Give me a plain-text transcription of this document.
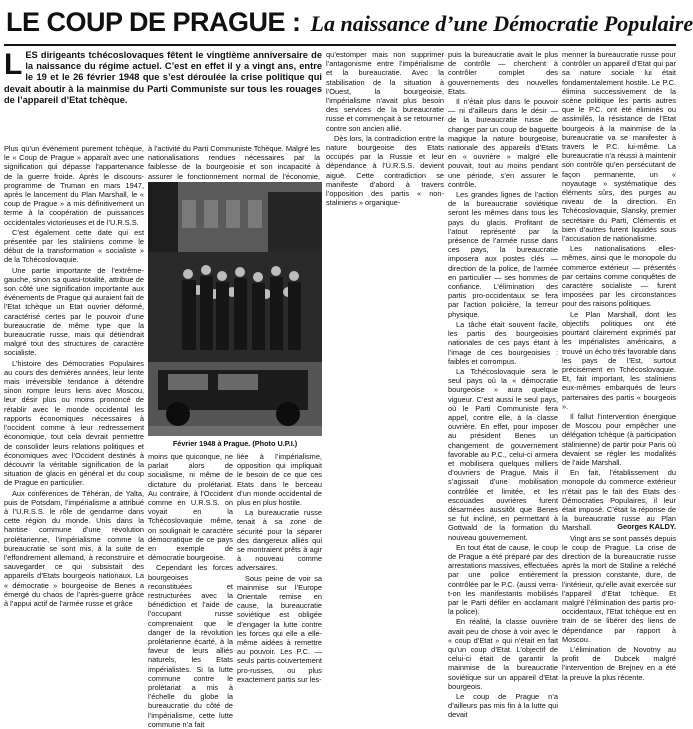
LE COUP DE PRAGUE : La naissance d’une Démocratie Populaire
LES dirigeants tchécoslovaques fêtent le vingtième anniversaire de la naissance du régime actuel. C’est en effet il y a vingt ans, entre le 19 et le 26 février 1948 que s’est déroulée la crise politique qui devait aboutir à la mainmise du Parti Communiste sur tous les rouages de l’appareil d’Etat tchèque.

Plus qu’un événement purement tchèque, le « Coup de Prague » apparaît avec une signification qui dépasse l’appartenance de la guerre froide. Après le discours-programme de Truman en mars 1947, après le lancement du Plan Marshall, le « coup de Prague » a mis définitivement un terme à la coopération de puissances occidentales victorieuses et de l’U.R.S.S.

C’est également cette date qui est présentée par les staliniens comme le début de la transformation « socialiste » de la Tchécoslovaquie.

Une partie importante de l’extrême-gauche, sinon sa quasi-totalité, attribue de son côté une signification importante aux événements de Prague qui auraient fait de l’Etat tchèque un Etat ouvrier déformé, caractérisé certes par le pouvoir d’une bureaucratie de même type que la bureaucratie russe, mais qui détiendrait malgré tout des structures de caractère socialiste.

L’histoire des Démocraties Populaires au cours des dernières années, leur lente mais irréversible tendance à détendre sinon rompre leurs liens avec Moscou, leur désir plus ou moins prononcé de rétablir avec le monde occidental les rapports économiques nécessaires à l’occident comme à leur redressement économique, tout cela devrait permettre de consolider leurs relations politiques et économiques avec l’Occident destinés à découvrir la véritable signification de la situation de glacis en général et du coup de Prague en particulier.

Aux conférences de Téhéran, de Yalta, puis de Potsdam, l’impérialisme a attribué à l’U.R.S.S. le rôle de gendarme dans cette région du monde. Unis dans la hantise commune d’une révolution prolétarienne, l’impérialisme comme la bureaucratie se sont mis, à la suite de l’effondrement allemand, à reconstruire et sauvegarder ce qui subsistait des appareils d’Etats bourgeois nationaux. La « démocratie » bourgeoise de Benes a émergé du chaos de l’après-guerre grâce à l’appui actif de l’armée russe et grâce

à l’activité du Parti Communiste Tchèque. Malgré les nationalisations rendues nécessaires par la faiblesse de la bourgeoisie et son incapacité à assurer le fonctionnement normal de l’économie,

Février 1948 à Prague. (Photo U.P.I.)

moins que quiconque, ne parlait alors de socialisme, ni même de dictature du prolétariat. Au contraire, à l’Occident comme en U.R.S.S. on voyait en la Tchécoslovaquie même, on soulignait le caractère démocratique de ce pays en exemple de démocratie bourgeoise.

Cependant les forces bourgeoises reconstituées et restructurées avec la bénédiction et l’aide de l’occupant russe comprenaient que le danger de la révolution prolétarienne écarté, à la faveur de leurs alliés naturels, les Etats impérialistes. Si la lutte commune contre le prolétariat a mis à l’échelle du globe la bureaucratie du côté de l’impérialisme, cette lutte commune n’a fait

liée à l’impérialisme, opposition qui impliquait le besoin de ce que ces Etats dans le berceau d’un monde occidental de plus en plus hostile.

La bureaucratie russe tenait à sa zone de sécurité pour la séparer des dangereux alliés qui se montraient prêts à agir à nouveau comme adversaires.

Sous peine de voir sa mainmise sur l’Europe Orientale remise en cause, la bureaucratie soviétique est obligée d’engager la lutte contre les forces qui elle a elle-même aidées à remettre au pouvoir. Les P.C. — seuls partis couvertement pro-russes, ou plus exactement partis sur les-

qu’estomper mais non supprimer l’antagonisme entre l’impérialisme et la bureaucratie. Avec la stabilisation de la situation à l’Ouest, la bourgeoisie, l’impérialisme n’avait plus besoin des services de la bureaucratie russe et commençait à se retourner contre son ancien allié.

Dès lors, la contradiction entre la nature bourgeoise des Etats occupés par la Russie et leur dépendance à l’U.R.S.S. devient aiguë. Cette contradiction se manifeste d’abord à travers l’opposition des partis « non-staliniens » organique-

puis la bureaucratie avait le plus de contrôle — cherchent à contrôler complet des gouvernements des nouvelles Etats.

Il n’était plus dans le pouvoir — ni d’ailleurs dans le désir — de la bureaucratie russe de changer par un coup de baguette magique la nature bourgeoise, nationale des appareils d’Etats en « ouvrière » malgré elle pouvait, tout au moins pendant une période, s’en assurer le contrôle.

Les grandes lignes de l’action de la bureaucratie soviétique seront les mêmes dans tous les pays du glacis. Profitant de l’atout représenté par la présence de l’armée russe dans ces pays, la bureaucratie imposera aux postes clés — direction de la police, de l’armée en particulier — ses hommes de confiance. L’élimination des partis pro-occidentaux se fera par l’action policière, la terreur physique.

La tâche était souvent facile, les partis des bourgeoisies nationales de ces pays étant à l’image de ces bourgeoisies : faibles et corrompus.

La Tchécoslovaquie sera le seul pays où la « démocratie bourgeoise » aura quelque vigueur. C’est aussi le seul pays, où le Parti Communiste fera appel, contre elle, à la classe ouvrière. En effet, pour imposer au président Benes un changement de gouvernement favorable au P.C., celui-ci armera et mobilisera quelques milliers d’ouvriers de Prague. Mais il s’agissait d’une mobilisation contrôlée et limitée, et les escouades ouvrières furent désarmées aussitôt que Benes se fut incliné, en permettant à Gottwald de la formation du nouveau gouvernement.

En tout état de cause, le coup de Prague a été préparé par des arrestations massives, effectuées par une police entièrement contrôlée par le P.C. (aussi verra-t-on les manifestants mobilisés par le Parti défiler en acclamant la police).

En réalité, la classe ouvrière avait peu de chose à voir avec le « coup d’Etat » qui n’était en fait qu’un coup d’Etat. L’objectif de celui-ci était de garantir la mainmise de la bureaucratie soviétique sur un appareil d’Etat bourgeois.

Le coup de Prague n’a d’ailleurs pas mis fin à la lutte qui devait

menner la bureaucratie russe pour contrôler un appareil d’Etat qui par sa nature sociale lui était fondamentalement hostile. Le P.C. élimina successivement de la scène politique les partis autres que le P.C. ont été éliminés ou assimilés, la résistance de l’Etat bourgeois à la mainmise de la bureaucratie va se manifester à travers le P.C. lui-même. La bureaucratie n’a réussi à maintenir son contrôle qu’en persécutant de façon permanente, un « noyautage » systématique des éléments sûrs, des purges au niveau de la direction. En Tchécoslovaquie, Slansky, premier secrétaire du Parti, Clémentis et bien d’autres furent liquidés sous l’accusation de nationalisme.

Les nationalisations elles-mêmes, ainsi que le monopole du commerce extérieur — présentés par certains comme conquêtes de caractère socialiste — furent imposées par les circonstances pour des raisons politiques.

Le Plan Marshall, dont les objectifs politiques ont été pourtant clairement exprimés par les impérialistes américains, a trouvé un écho très favorable dans les pays de l’Est, surtout précisément en Tchécoslovaquie. Et, fait important, les staliniens eux-mêmes embarqués de leurs partenaires des partis « bourgeois ».

Il fallut l’intervention énergique de Moscou pour empêcher une délégation tchèque (à participation stalinienne) de partir pour Paris où devaient se régler les modalités de l’aide Marshall.

En fait, l’établissement du monopole du commerce extérieur n’était pas le fait des Etats des Démocraties Populaires, il leur était imposé. C’était la réponse de la bureaucratie russe au Plan Marshall.

Vingt ans se sont passés depuis le coup de Prague. La crise de direction de la bureaucratie russe après la mort de Staline a reléché la pression constante, dure, de l’intérieur, qu’elle avait exercée sur l’appareil d’Etat tchèque. Et malgré l’élimination des partis pro-occidentaux, l’Etat tchèque est en train de se libérer des liens de dépendance par rapport à Moscou.

L’élimination de Novotny au profit de Dubcek malgré l’intervention de Brejnev en a été la preuve la plus récente.

Georges KALDY.
